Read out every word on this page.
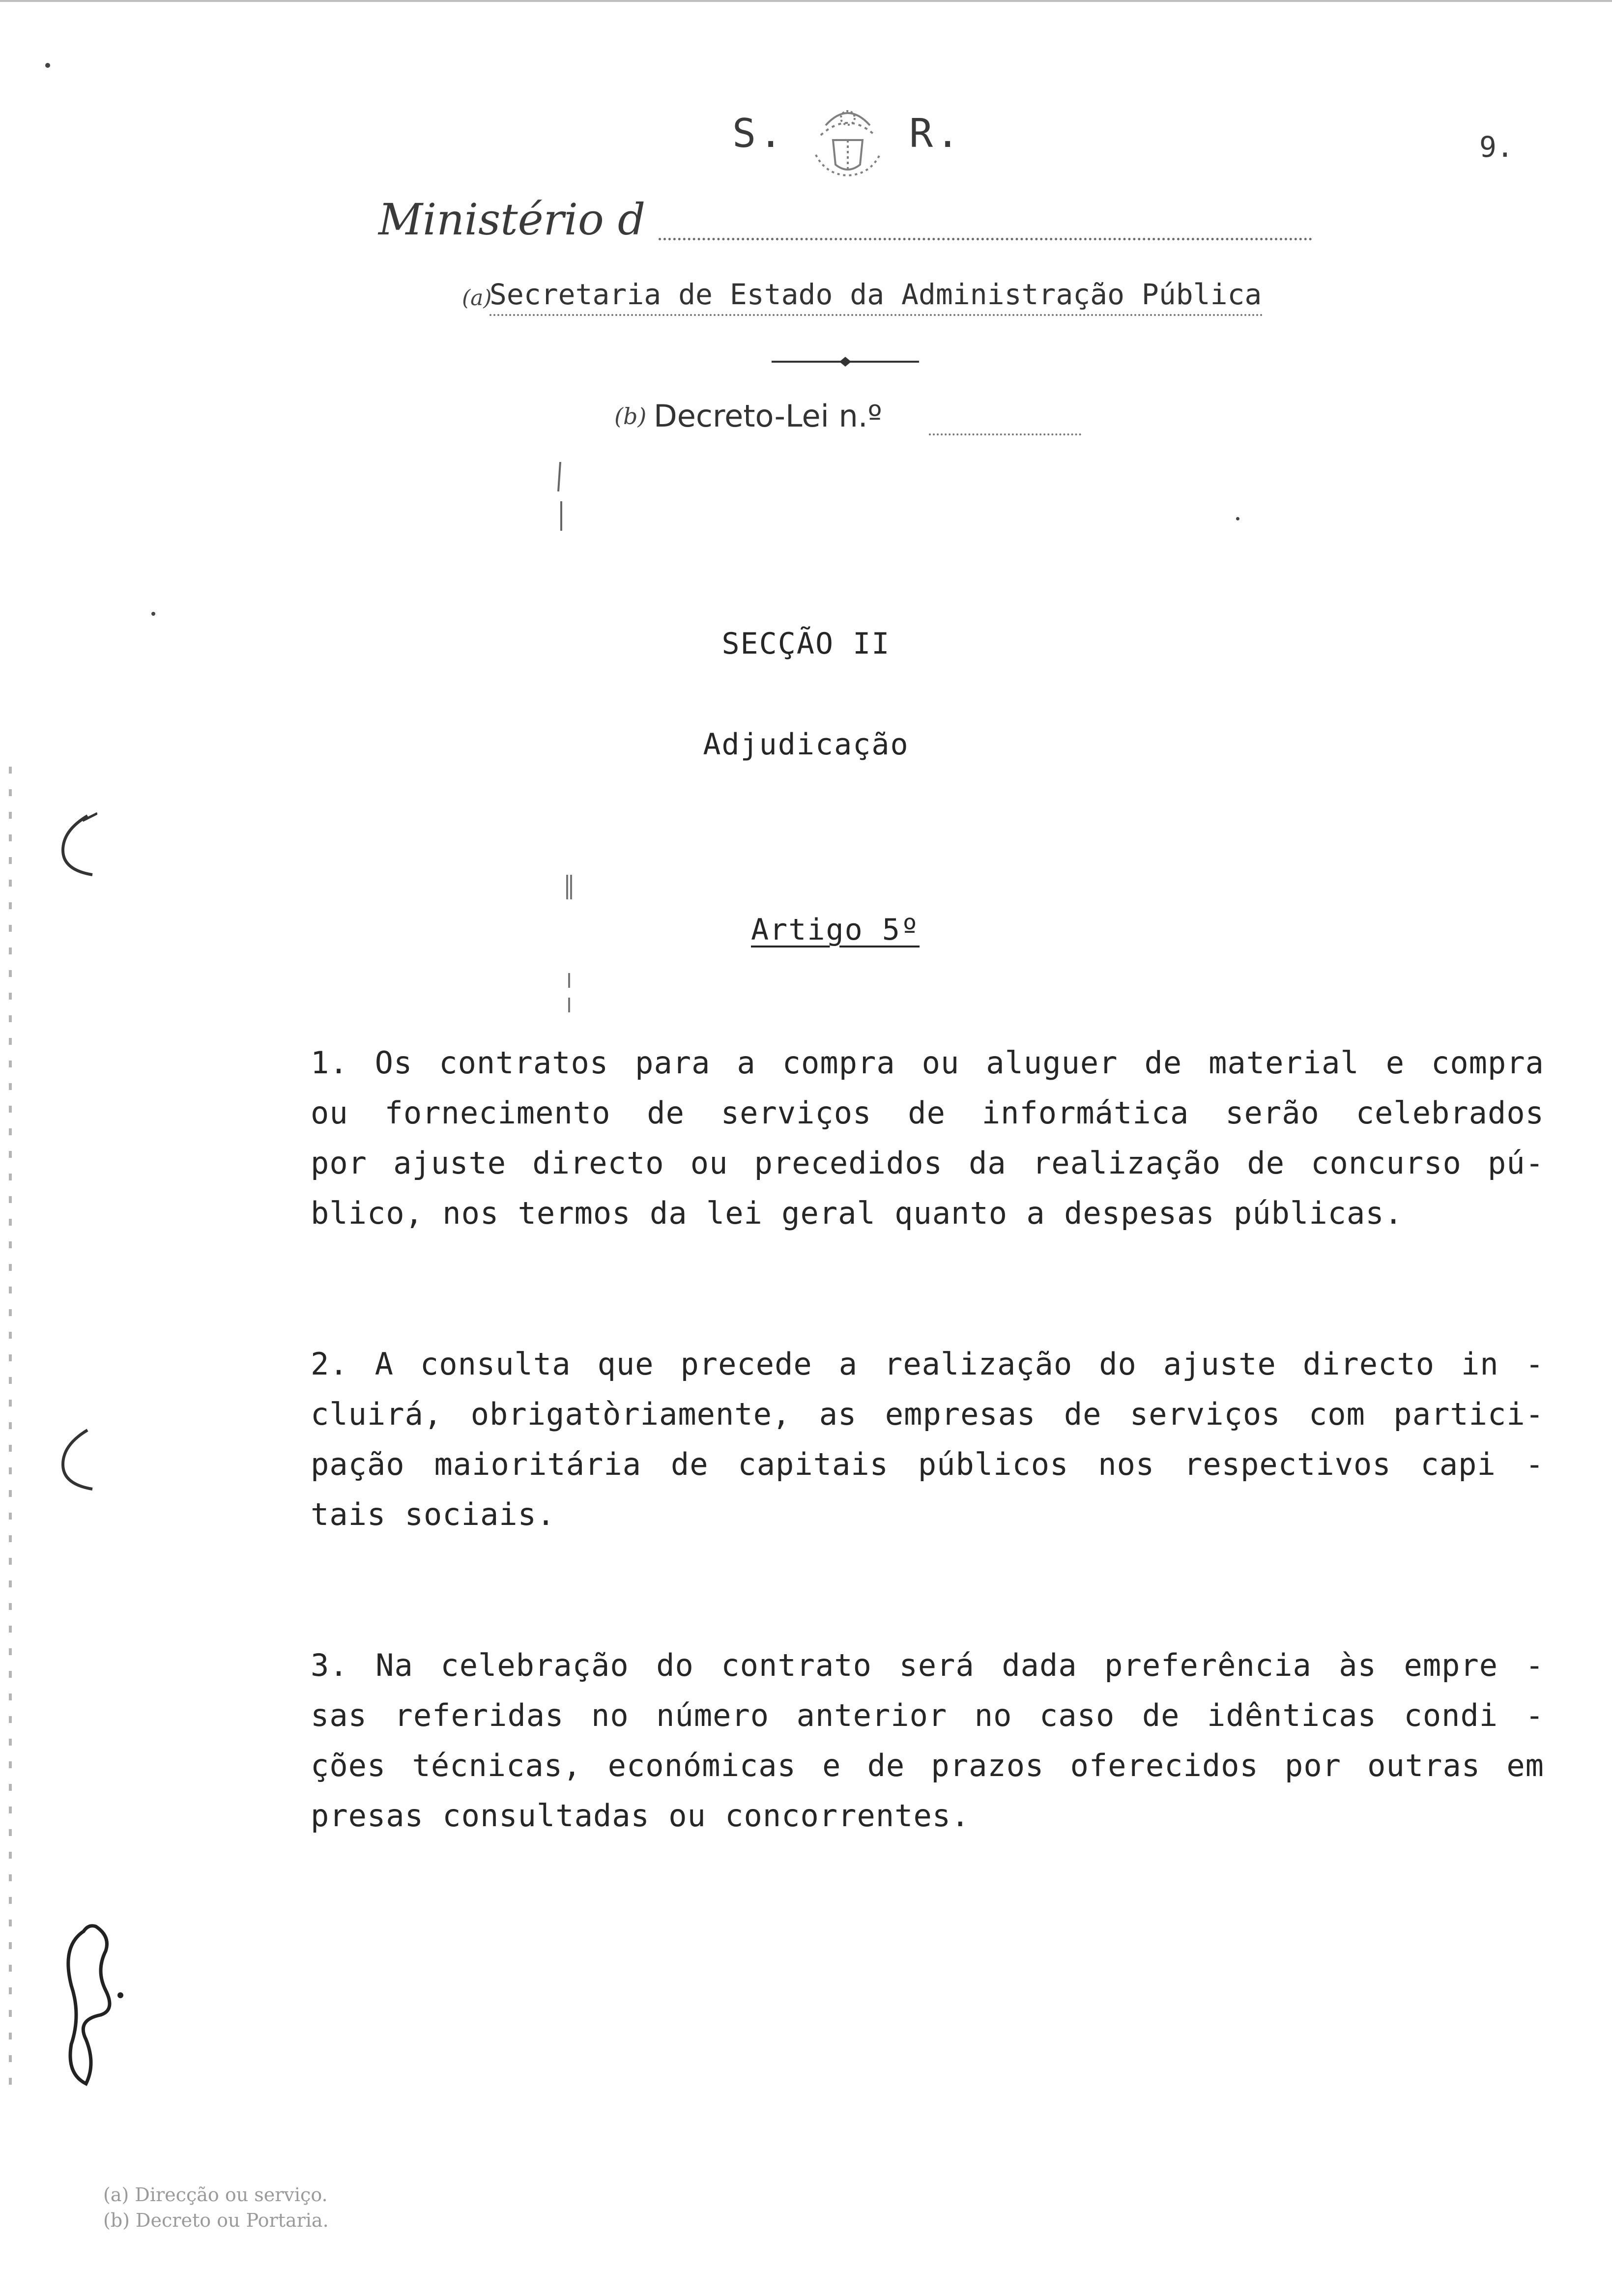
S.	R.	9.
Ministério d
(a)
Secretaria de Estado da Administração Pública
(b) Decreto-Lei n.º
SECÇÃO II
Adjudicação
Artigo 5º
1. Os contratos para a compra ou aluguer de material e compra
ou fornecimento de serviços de informática serão celebrados
por ajuste directo ou precedidos da realização de concurso pú-
blico, nos termos da lei geral quanto a despesas públicas.
2. A consulta que precede a realização do ajuste directo in -
cluirá, obrigatòriamente, as empresas de serviços com partici-
pação maioritária de capitais públicos nos respectivos capi -
tais sociais.
3. Na celebração do contrato será dada preferência às empre -
sas referidas no número anterior no caso de idênticas condi -
ções técnicas, económicas e de prazos oferecidos por outras em
presas consultadas ou concorrentes.
(a) Direcção ou serviço.
(b) Decreto ou Portaria.
